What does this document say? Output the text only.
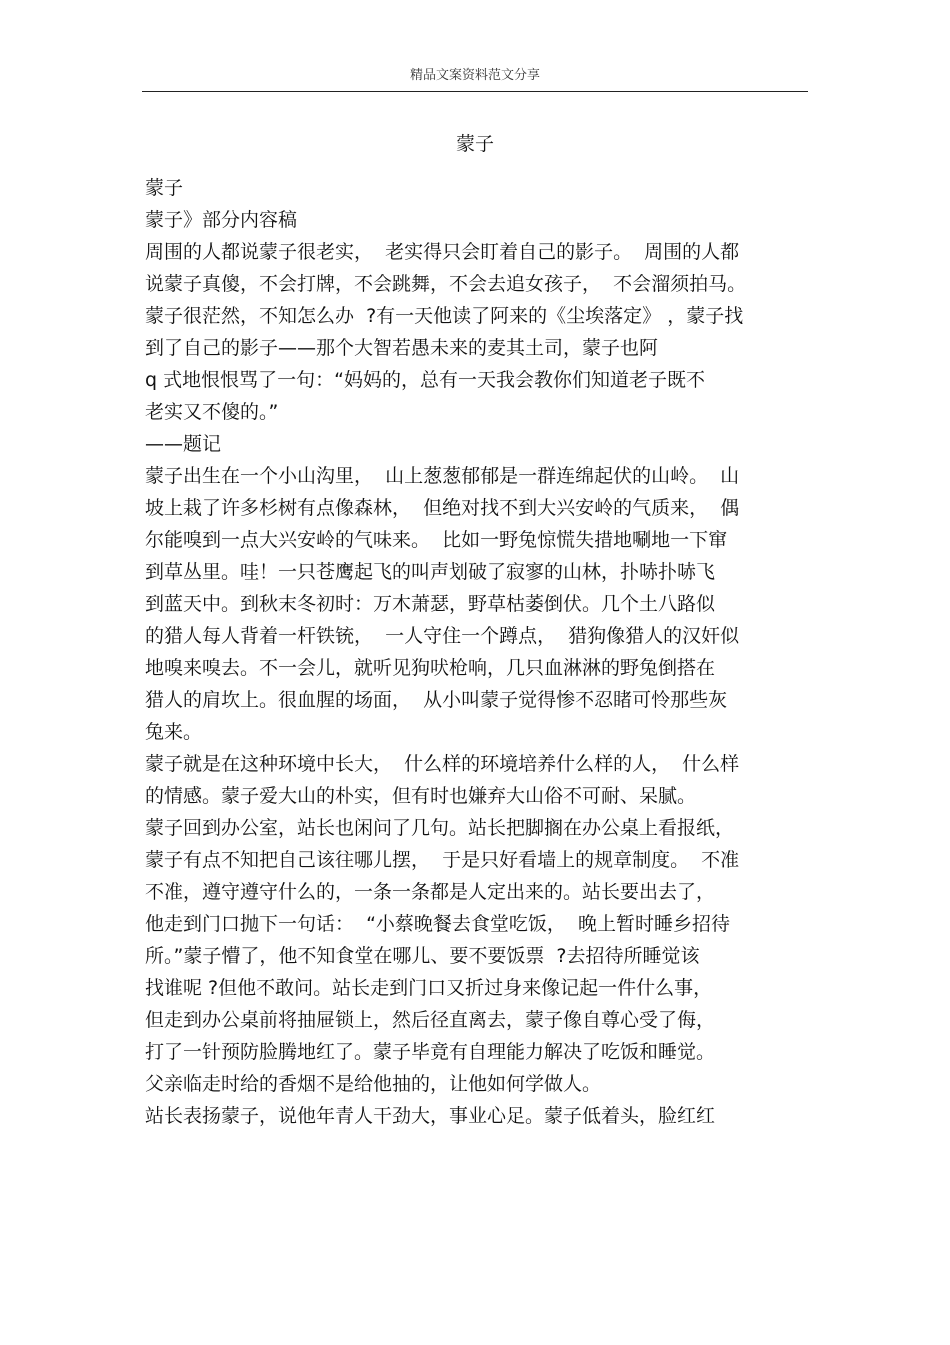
精品文案资料范文分享
蒙子
蒙子
蒙子》部分内容稿
周围的人都说蒙子很老实，  老实得只会盯着自己的影子。  周围的人都
说蒙子真傻，不会打牌，不会跳舞，不会去追女孩子，  不会溜须拍马。
蒙子很茫然，不知怎么办  ?有一天他读了阿来的《尘埃落定》 ，蒙子找
到了自己的影子——那个大智若愚未来的麦其土司，蒙子也阿
q 式地恨恨骂了一句：“妈妈的，总有一天我会教你们知道老子既不
老实又不傻的。”
——题记
蒙子出生在一个小山沟里，  山上葱葱郁郁是一群连绵起伏的山岭。  山
坡上栽了许多杉树有点像森林，  但绝对找不到大兴安岭的气质来，  偶
尔能嗅到一点大兴安岭的气味来。  比如一野兔惊慌失措地唰地一下窜
到草丛里。哇！一只苍鹰起飞的叫声划破了寂寥的山林，扑哧扑哧飞
到蓝天中。到秋末冬初时：万木萧瑟，野草枯萎倒伏。几个土八路似
的猎人每人背着一杆铁铳，  一人守住一个蹲点，  猎狗像猎人的汉奸似
地嗅来嗅去。不一会儿，就听见狗吠枪响，几只血淋淋的野兔倒搭在
猎人的肩坎上。很血腥的场面，  从小叫蒙子觉得惨不忍睹可怜那些灰
兔来。
蒙子就是在这种环境中长大，  什么样的环境培养什么样的人，  什么样
的情感。蒙子爱大山的朴实，但有时也嫌弃大山俗不可耐、呆腻。
蒙子回到办公室，站长也闲问了几句。站长把脚搁在办公桌上看报纸，
蒙子有点不知把自己该往哪儿摆，  于是只好看墙上的规章制度。  不准
不准，遵守遵守什么的，一条一条都是人定出来的。站长要出去了，
他走到门口抛下一句话：  “小蔡晚餐去食堂吃饭，  晚上暂时睡乡招待
所。”蒙子懵了，他不知食堂在哪儿、要不要饭票  ?去招待所睡觉该
找谁呢 ?但他不敢问。站长走到门口又折过身来像记起一件什么事，
但走到办公桌前将抽屉锁上，然后径直离去，蒙子像自尊心受了侮，
打了一针预防脸腾地红了。蒙子毕竟有自理能力解决了吃饭和睡觉。
父亲临走时给的香烟不是给他抽的，让他如何学做人。
站长表扬蒙子，说他年青人干劲大，事业心足。蒙子低着头，脸红红
